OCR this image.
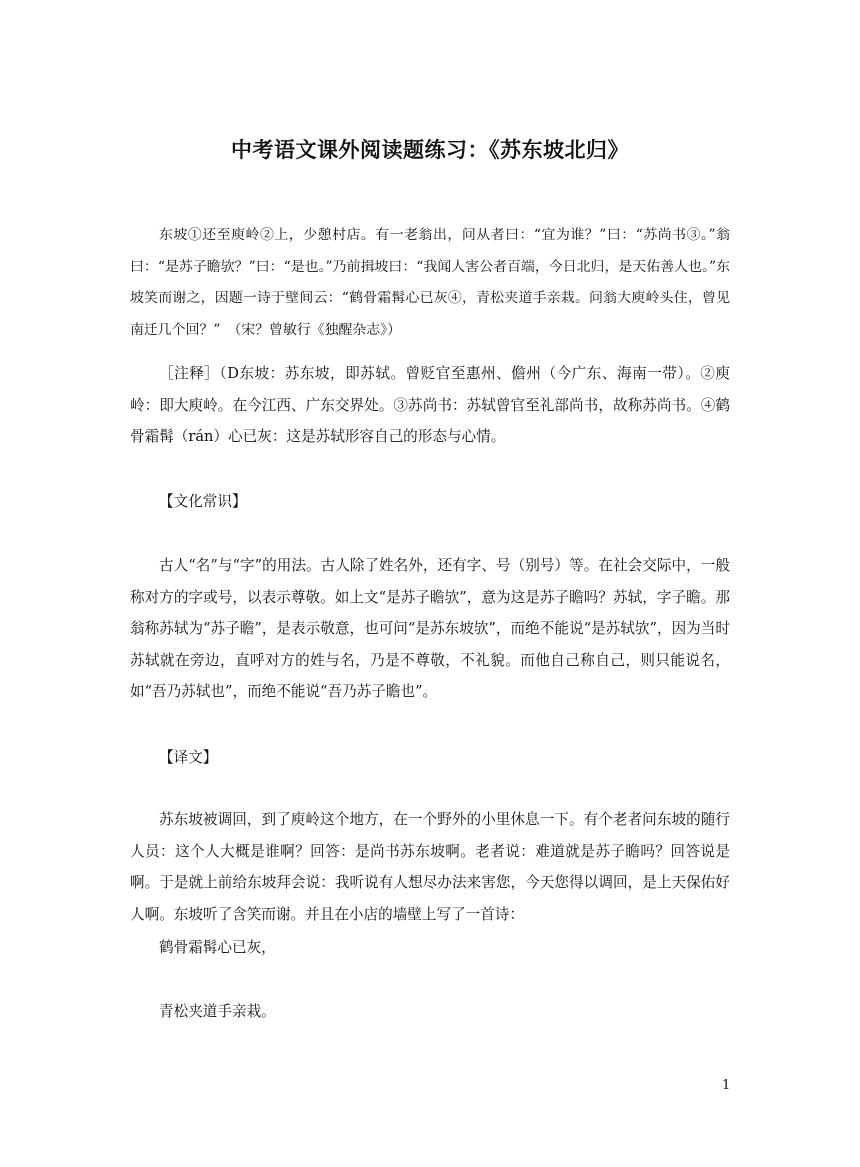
中考语文课外阅读题练习：《苏东坡北归》

东坡①还至庾岭②上，少憩村店。有一老翁出，问从者曰：“宜为谁？”曰：“苏尚书③。”翁曰：“是苏子瞻欤？”曰：“是也。”乃前揖坡曰：“我闻人害公者百端，今日北归，是天佑善人也。”东坡笑而谢之，因题一诗于壁间云：“鹤骨霜髯心已灰④，青松夹道手亲栽。问翁大庾岭头住，曾见南迁几个回？”　（宋？曾敏行《独醒杂志》）

［注释］（D东坡：苏东坡，即苏轼。曾贬官至惠州、儋州（今广东、海南一带）。②庾岭：即大庾岭。在今江西、广东交界处。③苏尚书：苏轼曾官至礼部尚书，故称苏尚书。④鹤骨霜髯（rán）心已灰：这是苏轼形容自己的形态与心情。

【文化常识】

古人“名”与“字”的用法。古人除了姓名外，还有字、号（别号）等。在社会交际中，一般称对方的字或号，以表示尊敬。如上文“是苏子瞻欤”，意为这是苏子瞻吗？苏轼，字子瞻。那翁称苏轼为“苏子瞻”，是表示敬意，也可问“是苏东坡欤”，而绝不能说“是苏轼欤”，因为当时苏轼就在旁边，直呼对方的姓与名，乃是不尊敬，不礼貌。而他自己称自己，则只能说名，如“吾乃苏轼也”，而绝不能说“吾乃苏子瞻也”。

【译文】

苏东坡被调回，到了庾岭这个地方，在一个野外的小里休息一下。有个老者问东坡的随行人员：这个人大概是谁啊？回答：是尚书苏东坡啊。老者说：难道就是苏子瞻吗？回答说是啊。于是就上前给东坡拜会说：我听说有人想尽办法来害您，今天您得以调回，是上天保佑好人啊。东坡听了含笑而谢。并且在小店的墙壁上写了一首诗：

鹤骨霜髯心已灰，

青松夹道手亲栽。

1
